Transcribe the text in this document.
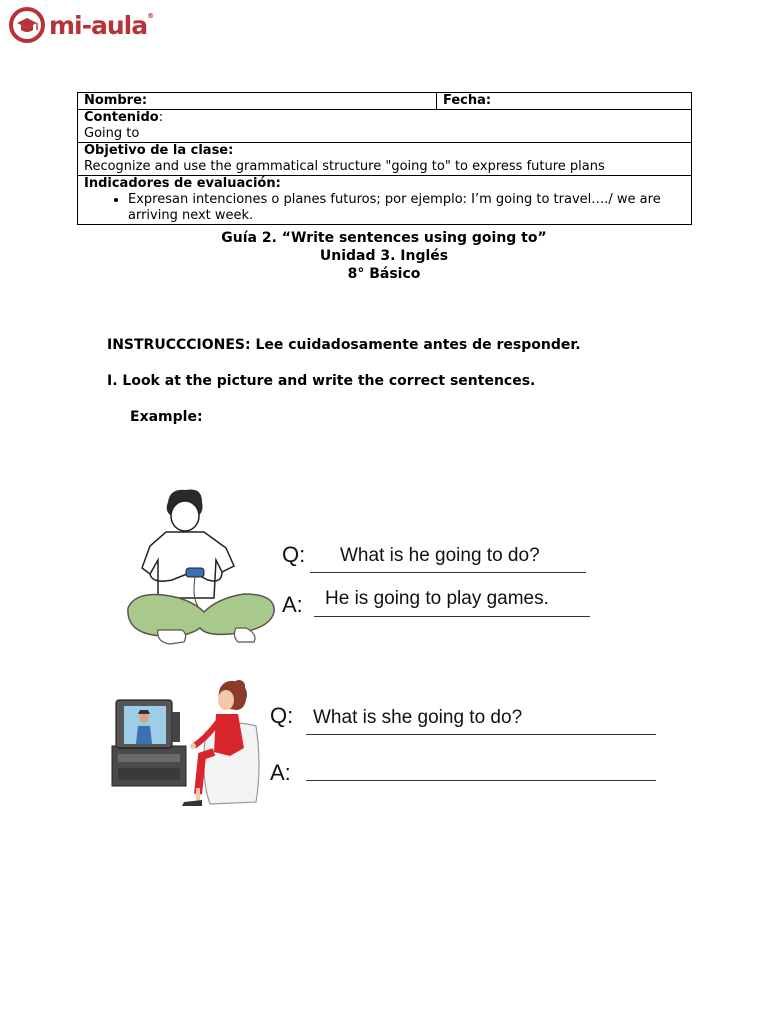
mi-aula®
Nombre:	Fecha:
Contenido:
Going to
Objetivo de la clase:
Recognize and use the grammatical structure "going to" to express future plans
Indicadores de evaluación:
• Expresan intenciones o planes futuros; por ejemplo: I’m going to travel…./ we are arriving next week.
Guía 2. “Write sentences using going to”
Unidad 3. Inglés
8° Básico
INSTRUCCCIONES: Lee cuidadosamente antes de responder.
I. Look at the picture and write the correct sentences.
Example:
Q: What is he going to do?
A: He is going to play games.
Q: What is she going to do?
A:
